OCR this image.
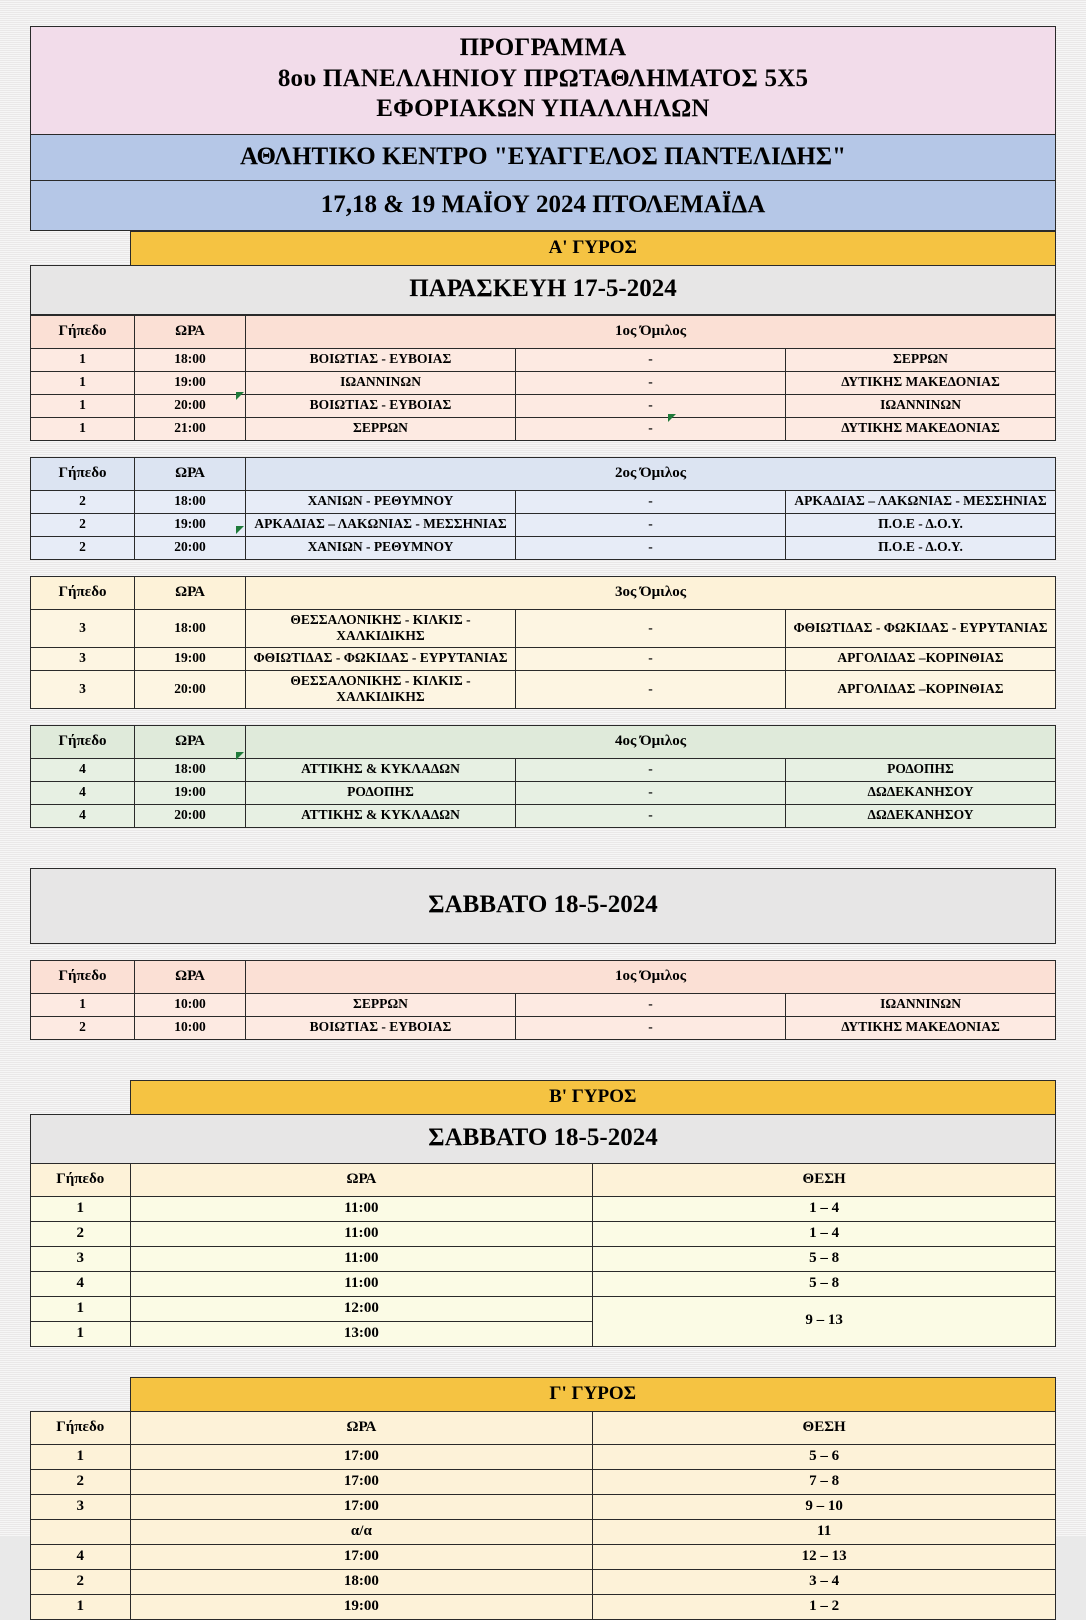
ΠΡΟΓΡΑΜΜΑ
8ου ΠΑΝΕΛΛΗΝΙΟΥ ΠΡΩΤΑΘΛΗΜΑΤΟΣ 5Χ5
ΕΦΟΡΙΑΚΩΝ ΥΠΑΛΛΗΛΩΝ

ΑΘΛΗΤΙΚΟ ΚΕΝΤΡΟ "ΕΥΑΓΓΕΛΟΣ ΠΑΝΤΕΛΙΔΗΣ"
17,18 & 19 ΜΑΪΟΥ 2024 ΠΤΟΛΕΜΑΪΔΑ
	Α' ΓΥΡΟΣ
ΠΑΡΑΣΚΕΥΗ 17-5-2024
Γήπεδο	ΩΡΑ	1ος Όμιλος		
1	18:00	ΒΟΙΩΤΙΑΣ - ΕΥΒΟΙΑΣ	-	ΣΕΡΡΩΝ
1	19:00	ΙΩΑΝΝΙΝΩΝ	-	ΔΥΤΙΚΗΣ ΜΑΚΕΔΟΝΙΑΣ
1	20:00	ΒΟΙΩΤΙΑΣ - ΕΥΒΟΙΑΣ	-	ΙΩΑΝΝΙΝΩΝ
1	21:00	ΣΕΡΡΩΝ	-	ΔΥΤΙΚΗΣ ΜΑΚΕΔΟΝΙΑΣ
Γήπεδο	ΩΡΑ	2ος Όμιλος		
2	18:00	ΧΑΝΙΩΝ - ΡΕΘΥΜΝΟΥ	-	ΑΡΚΑΔΙΑΣ – ΛΑΚΩΝΙΑΣ - ΜΕΣΣΗΝΙΑΣ
2	19:00	ΑΡΚΑΔΙΑΣ – ΛΑΚΩΝΙΑΣ - ΜΕΣΣΗΝΙΑΣ	-	Π.Ο.Ε - Δ.Ο.Υ.
2	20:00	ΧΑΝΙΩΝ - ΡΕΘΥΜΝΟΥ	-	Π.Ο.Ε - Δ.Ο.Υ.
Γήπεδο	ΩΡΑ	3ος Όμιλος		
3	18:00	ΘΕΣΣΑΛΟΝΙΚΗΣ - ΚΙΛΚΙΣ - ΧΑΛΚΙΔΙΚΗΣ	-	ΦΘΙΩΤΙΔΑΣ - ΦΩΚΙΔΑΣ - ΕΥΡΥΤΑΝΙΑΣ
3	19:00	ΦΘΙΩΤΙΔΑΣ - ΦΩΚΙΔΑΣ - ΕΥΡΥΤΑΝΙΑΣ	-	ΑΡΓΟΛΙΔΑΣ –ΚΟΡΙΝΘΙΑΣ
3	20:00	ΘΕΣΣΑΛΟΝΙΚΗΣ - ΚΙΛΚΙΣ - ΧΑΛΚΙΔΙΚΗΣ	-	ΑΡΓΟΛΙΔΑΣ –ΚΟΡΙΝΘΙΑΣ
Γήπεδο	ΩΡΑ	4ος Όμιλος		
4	18:00	ΑΤΤΙΚΗΣ & ΚΥΚΛΑΔΩΝ	-	ΡΟΔΟΠΗΣ
4	19:00	ΡΟΔΟΠΗΣ	-	ΔΩΔΕΚΑΝΗΣΟΥ
4	20:00	ΑΤΤΙΚΗΣ & ΚΥΚΛΑΔΩΝ	-	ΔΩΔΕΚΑΝΗΣΟΥ
ΣΑΒΒΑΤΟ 18-5-2024
Γήπεδο	ΩΡΑ	1ος Όμιλος		
1	10:00	ΣΕΡΡΩΝ	-	ΙΩΑΝΝΙΝΩΝ
2	10:00	ΒΟΙΩΤΙΑΣ - ΕΥΒΟΙΑΣ	-	ΔΥΤΙΚΗΣ ΜΑΚΕΔΟΝΙΑΣ
	Β' ΓΥΡΟΣ	
ΣΑΒΒΑΤΟ 18-5-2024		
Γήπεδο	ΩΡΑ	ΘΕΣΗ
1	11:00	1 – 4
2	11:00	1 – 4
3	11:00	5 – 8
4	11:00	5 – 8
1	12:00	9 – 13
1	13:00	
	Γ' ΓΥΡΟΣ	
Γήπεδο	ΩΡΑ	ΘΕΣΗ
1	17:00	5 – 6
2	17:00	7 – 8
3	17:00	9 – 10
	α/α	11
4	17:00	12 – 13
2	18:00	3 – 4
1	19:00	1 – 2
